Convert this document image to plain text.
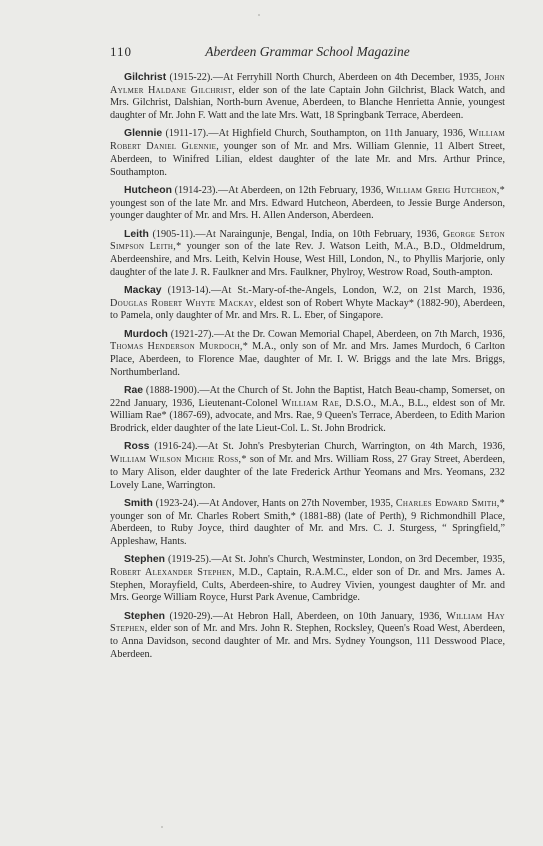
110	Aberdeen Grammar School Magazine

Gilchrist (1915-22).—At Ferryhill North Church, Aberdeen on 4th December, 1935, John Aylmer Haldane Gilchrist, elder son of the late Captain John Gilchrist, Black Watch, and Mrs. Gilchrist, Dalshian, North-burn Avenue, Aberdeen, to Blanche Henrietta Annie, youngest daughter of Mr. John F. Watt and the late Mrs. Watt, 18 Springbank Terrace, Aberdeen.

Glennie (1911-17).—At Highfield Church, Southampton, on 11th January, 1936, William Robert Daniel Glennie, younger son of Mr. and Mrs. William Glennie, 11 Albert Street, Aberdeen, to Winifred Lilian, eldest daughter of the late Mr. and Mrs. Arthur Prince, Southampton.

Hutcheon (1914-23).—At Aberdeen, on 12th February, 1936, William Greig Hutcheon,* youngest son of the late Mr. and Mrs. Edward Hutcheon, Aberdeen, to Jessie Burge Anderson, younger daughter of Mr. and Mrs. H. Allen Anderson, Aberdeen.

Leith (1905-11).—At Naraingunje, Bengal, India, on 10th February, 1936, George Seton Simpson Leith,* younger son of the late Rev. J. Watson Leith, M.A., B.D., Oldmeldrum, Aberdeenshire, and Mrs. Leith, Kelvin House, West Hill, London, N., to Phyllis Marjorie, only daughter of the late J. R. Faulkner and Mrs. Faulkner, Phylroy, Westrow Road, South-ampton.

Mackay (1913-14).—At St.-Mary-of-the-Angels, London, W.2, on 21st March, 1936, Douglas Robert Whyte Mackay, eldest son of Robert Whyte Mackay* (1882-90), Aberdeen, to Pamela, only daughter of Mr. and Mrs. R. L. Eber, of Singapore.

Murdoch (1921-27).—At the Dr. Cowan Memorial Chapel, Aberdeen, on 7th March, 1936, Thomas Henderson Murdoch,* M.A., only son of Mr. and Mrs. James Murdoch, 6 Carlton Place, Aberdeen, to Florence Mae, daughter of Mr. I. W. Briggs and the late Mrs. Briggs, Northumberland.

Rae (1888-1900).—At the Church of St. John the Baptist, Hatch Beau-champ, Somerset, on 22nd January, 1936, Lieutenant-Colonel William Rae, D.S.O., M.A., B.L., eldest son of Mr. William Rae* (1867-69), advocate, and Mrs. Rae, 9 Queen's Terrace, Aberdeen, to Edith Marion Brodrick, elder daughter of the late Lieut-Col. L. St. John Brodrick.

Ross (1916-24).—At St. John's Presbyterian Church, Warrington, on 4th March, 1936, William Wilson Michie Ross,* son of Mr. and Mrs. William Ross, 27 Gray Street, Aberdeen, to Mary Alison, elder daughter of the late Frederick Arthur Yeomans and Mrs. Yeomans, 232 Lovely Lane, Warrington.

Smith (1923-24).—At Andover, Hants on 27th November, 1935, Charles Edward Smith,* younger son of Mr. Charles Robert Smith,* (1881-88) (late of Perth), 9 Richmondhill Place, Aberdeen, to Ruby Joyce, third daughter of Mr. and Mrs. C. J. Sturgess, “ Springfield,” Appleshaw, Hants.

Stephen (1919-25).—At St. John's Church, Westminster, London, on 3rd December, 1935, Robert Alexander Stephen, M.D., Captain, R.A.M.C., elder son of Dr. and Mrs. James A. Stephen, Morayfield, Cults, Aberdeen-shire, to Audrey Vivien, youngest daughter of Mr. and Mrs. George William Royce, Hurst Park Avenue, Cambridge.

Stephen (1920-29).—At Hebron Hall, Aberdeen, on 10th January, 1936, William Hay Stephen, elder son of Mr. and Mrs. John R. Stephen, Rocksley, Queen's Road West, Aberdeen, to Anna Davidson, second daughter of Mr. and Mrs. Sydney Youngson, 111 Desswood Place, Aberdeen.
